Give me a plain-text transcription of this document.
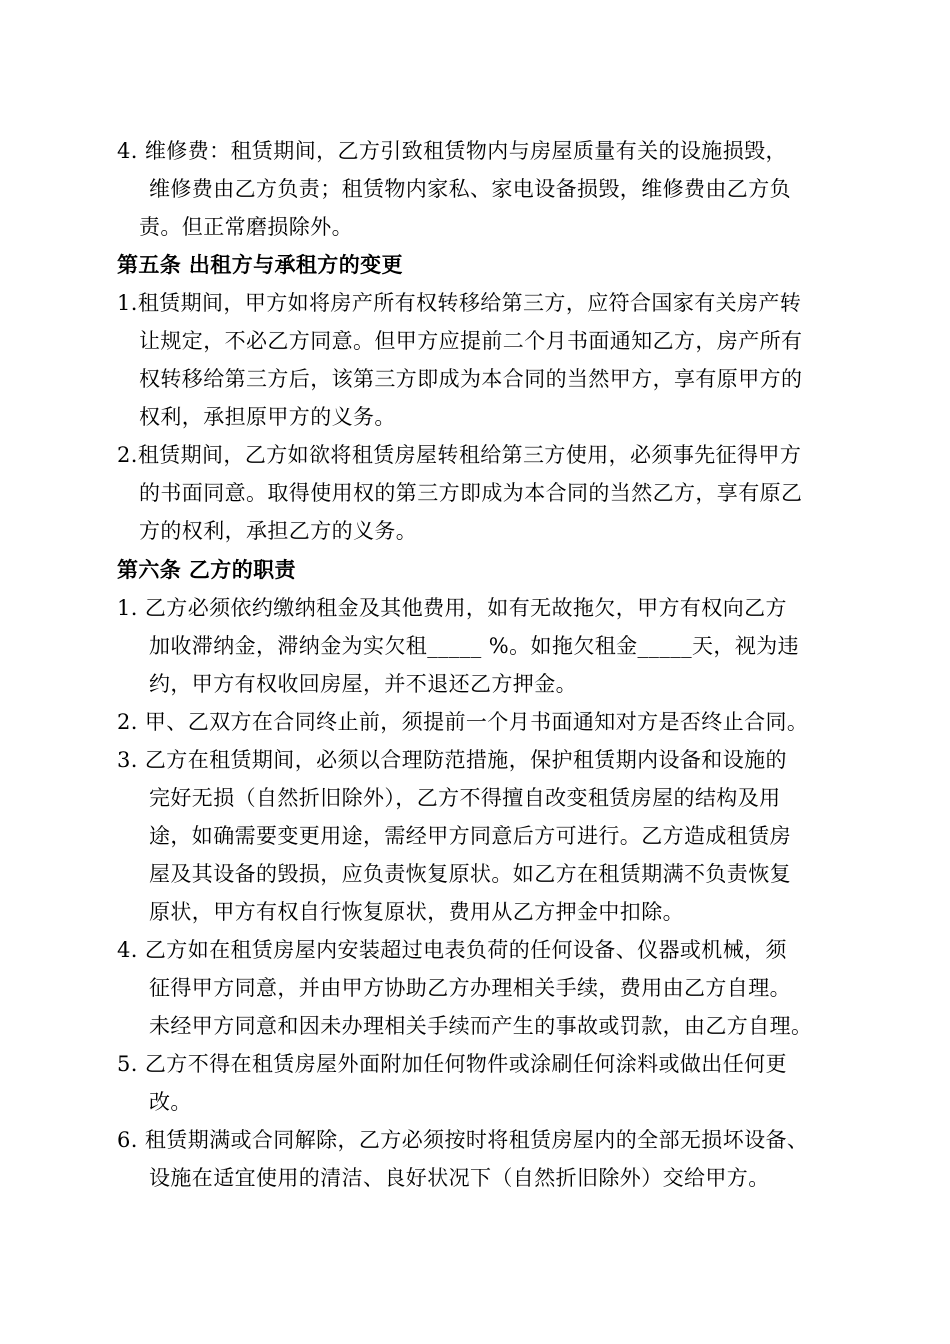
4. 维修费：租赁期间，乙方引致租赁物内与房屋质量有关的设施损毁，
维修费由乙方负责；租赁物内家私、家电设备损毁，维修费由乙方负
责。但正常磨损除外。
第五条 出租方与承租方的变更
1.租赁期间，甲方如将房产所有权转移给第三方，应符合国家有关房产转
让规定，不必乙方同意。但甲方应提前二个月书面通知乙方，房产所有
权转移给第三方后，该第三方即成为本合同的当然甲方，享有原甲方的
权利，承担原甲方的义务。
2.租赁期间，乙方如欲将租赁房屋转租给第三方使用，必须事先征得甲方
的书面同意。取得使用权的第三方即成为本合同的当然乙方，享有原乙
方的权利，承担乙方的义务。
第六条 乙方的职责
1. 乙方必须依约缴纳租金及其他费用，如有无故拖欠，甲方有权向乙方
加收滞纳金，滞纳金为实欠租_____ %。如拖欠租金_____天，视为违
约，甲方有权收回房屋，并不退还乙方押金。
2. 甲、乙双方在合同终止前，须提前一个月书面通知对方是否终止合同。
3. 乙方在租赁期间，必须以合理防范措施，保护租赁期内设备和设施的
完好无损（自然折旧除外），乙方不得擅自改变租赁房屋的结构及用
途，如确需要变更用途，需经甲方同意后方可进行。乙方造成租赁房
屋及其设备的毁损，应负责恢复原状。如乙方在租赁期满不负责恢复
原状，甲方有权自行恢复原状，费用从乙方押金中扣除。
4. 乙方如在租赁房屋内安装超过电表负荷的任何设备、仪器或机械，须
征得甲方同意，并由甲方协助乙方办理相关手续，费用由乙方自理。
未经甲方同意和因未办理相关手续而产生的事故或罚款，由乙方自理。
5. 乙方不得在租赁房屋外面附加任何物件或涂刷任何涂料或做出任何更
改。
6. 租赁期满或合同解除，乙方必须按时将租赁房屋内的全部无损坏设备、
设施在适宜使用的清洁、良好状况下（自然折旧除外）交给甲方。
